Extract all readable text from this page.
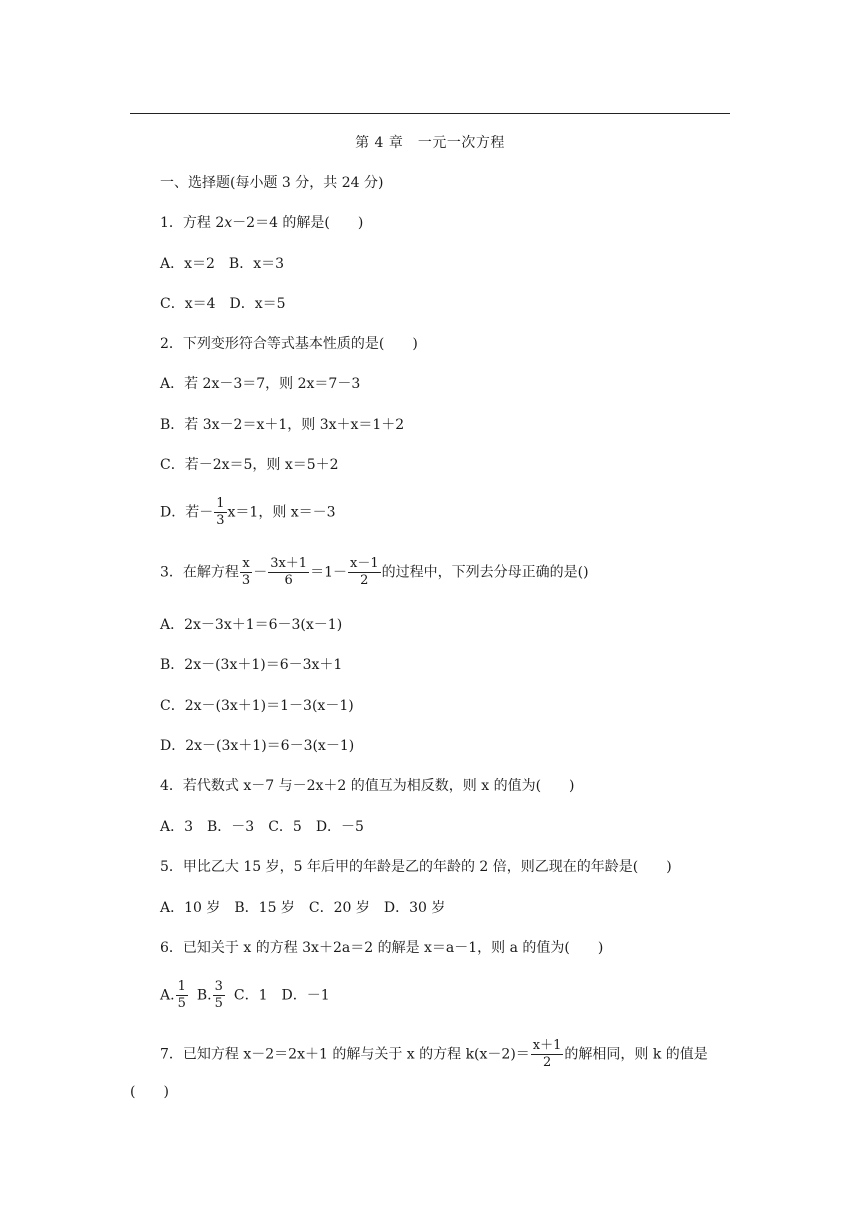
第 4 章　一元一次方程
一、选择题(每小题 3 分，共 24 分)
1．方程 2x－2＝4 的解是(　　)
A．x＝2　B．x＝3
C．x＝4　D．x＝5
2．下列变形符合等式基本性质的是(　　)
A．若 2x－3＝7，则 2x＝7－3
B．若 3x－2＝x＋1，则 3x＋x＝1＋2
C．若－2x＝5，则 x＝5＋2
D．若－ $\frac{1}{3} x=1$，则 x＝－3
3．在解方程 $\frac{x}{3} - \frac{3x+1}{6} =1- \frac{x-1}{2}$ 的过程中，下列去分母正确的是()
A．2x－3x＋1＝6－3(x－1)
B．2x－(3x＋1)＝6－3x＋1
C．2x－(3x＋1)＝1－3(x－1)
D．2x－(3x＋1)＝6－3(x－1)
4．若代数式 x－7 与－2x＋2 的值互为相反数，则 x 的值为(　　)
A．3　B．－3　C．5　D．－5
5．甲比乙大 15 岁，5 年后甲的年龄是乙的年龄的 2 倍，则乙现在的年龄是(　　)
A．10 岁　B．15 岁　C．20 岁　D．30 岁
6．已知关于 x 的方程 3x＋2a＝2 的解是 x＝a－1，则 a 的值为(　　)
A. $\frac{1}{5} B$. $\frac{3}{5}$ C．1　D．－1
7．已知方程 x－2＝2x＋1 的解与关于 x 的方程 $k(x-2)= \frac{x+1}{2}$ 的解相同，则 k 的值是
(　　)
